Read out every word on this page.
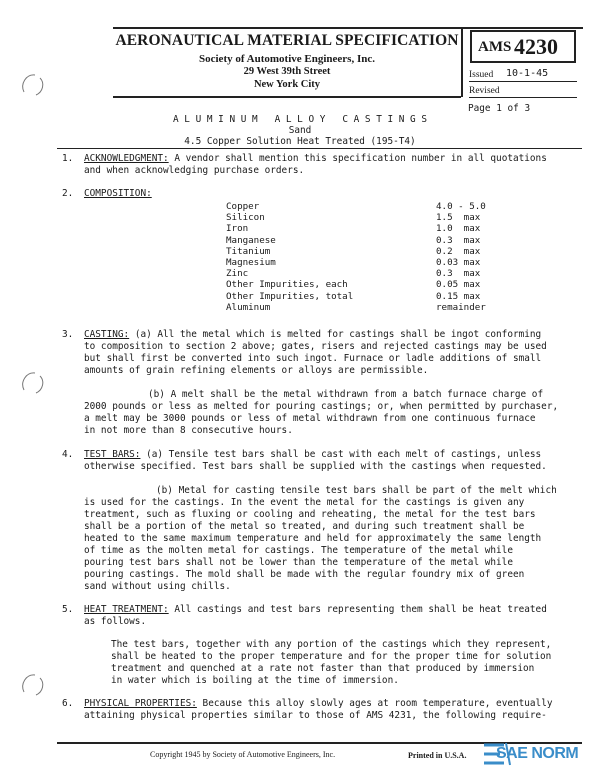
AERONAUTICAL MATERIAL SPECIFICATION
Society of Automotive Engineers, Inc.
29 West 39th Street
New York City
AMS 4230
Issued 10-1-45
Revised
Page 1 of 3
A L U M I N U M   A L L O Y   C A S T I N G S
Sand
4.5 Copper Solution Heat Treated (195-T4)
1. ACKNOWLEDGMENT: A vendor shall mention this specification number in all quotations
and when acknowledging purchase orders.
2. COMPOSITION:
Copper	4.0 - 5.0
Silicon	1.5  max
Iron	1.0  max
Manganese	0.3  max
Titanium	0.2  max
Magnesium	0.03 max
Zinc	0.3  max
Other Impurities, each	0.05 max
Other Impurities, total	0.15 max
Aluminum	remainder
3. CASTING: (a) All the metal which is melted for castings shall be ingot conforming
to composition to section 2 above; gates, risers and rejected castings may be used
but shall first be converted into such ingot. Furnace or ladle additions of small
amounts of grain refining elements or alloys are permissible.
(b) A melt shall be the metal withdrawn from a batch furnace charge of
2000 pounds or less as melted for pouring castings; or, when permitted by purchaser,
a melt may be 3000 pounds or less of metal withdrawn from one continuous furnace
in not more than 8 consecutive hours.
4. TEST BARS: (a) Tensile test bars shall be cast with each melt of castings, unless
otherwise specified. Test bars shall be supplied with the castings when requested.
(b) Metal for casting tensile test bars shall be part of the melt which
is used for the castings. In the event the metal for the castings is given any
treatment, such as fluxing or cooling and reheating, the metal for the test bars
shall be a portion of the metal so treated, and during such treatment shall be
heated to the same maximum temperature and held for approximately the same length
of time as the molten metal for castings. The temperature of the metal while
pouring test bars shall not be lower than the temperature of the metal while
pouring castings. The mold shall be made with the regular foundry mix of green
sand without using chills.
5. HEAT TREATMENT: All castings and test bars representing them shall be heat treated
as follows.
The test bars, together with any portion of the castings which they represent,
shall be heated to the proper temperature and for the proper time for solution
treatment and quenched at a rate not faster than that produced by immersion
in water which is boiling at the time of immersion.
6. PHYSICAL PROPERTIES: Because this alloy slowly ages at room temperature, eventually
attaining physical properties similar to those of AMS 4231, the following require-
Copyright 1945 by Society of Automotive Engineers, Inc.	Printed in U.S.A. SAE NORM
